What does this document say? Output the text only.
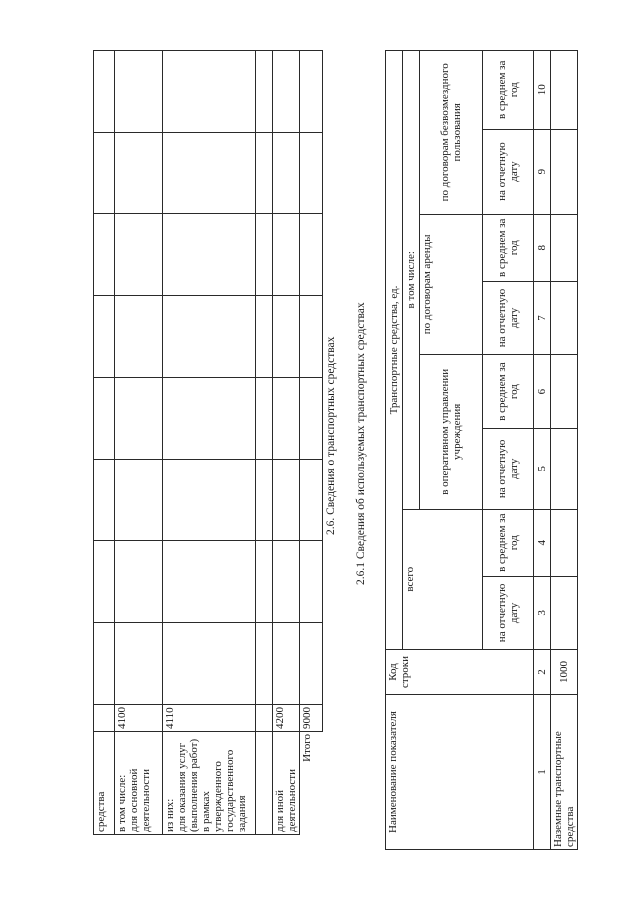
средства									
в том числе:
для основной деятельности	4100								
из них:
для оказания услуг (выполнения работ) в рамках утвержденного государственного задания	4110								

для иной деятельности	4200								
Итого	9000								
2.6. Сведения о транспортных средствах 2.6.1 Сведения об используемых транспортных средствах
Наименование показателя	Код строки	Транспортные средства, ед.							
		всего		в том числе:					
				в оперативном управлении учреждения		по договорам аренды		по договорам безвозмездного пользования	
		на отчетную дату	в среднем за год	на отчетную дату	в среднем за год	на отчетную дату	в среднем за год	на отчетную дату	в среднем за год
1	2	3	4	5	6	7	8	9	10
Наземные транспортные средства	1000								
